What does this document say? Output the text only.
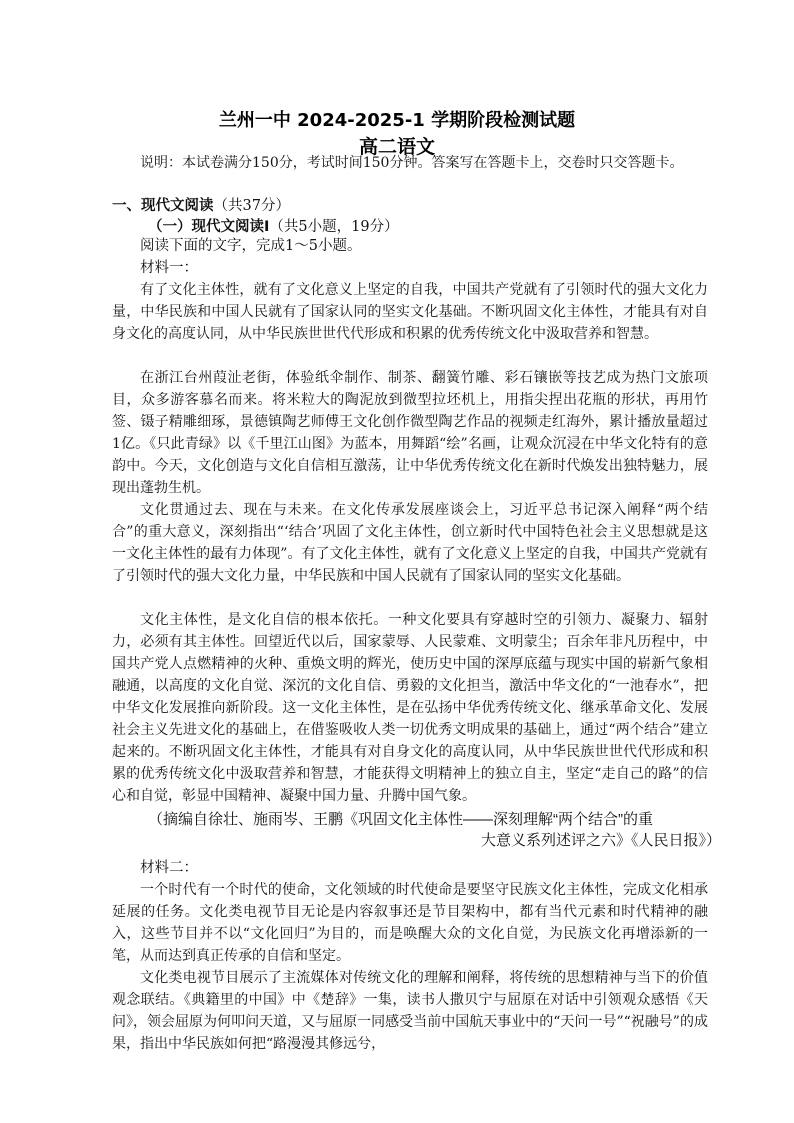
兰州一中 2024-2025-1 学期阶段检测试题
高二语文
说明：本试卷满分150分，考试时间150分钟。答案写在答题卡上，交卷时只交答题卡。
一、现代文阅读（共37分）
（一）现代文阅读Ⅰ（共5小题，19分）
阅读下面的文字，完成1～5小题。
材料一：
有了文化主体性，就有了文化意义上坚定的自我，中国共产党就有了引领时代的强大文化力量，中华民族和中国人民就有了国家认同的坚实文化基础。不断巩固文化主体性，才能具有对自身文化的高度认同，从中华民族世世代代形成和积累的优秀传统文化中汲取营养和智慧。
在浙江台州葭沚老街，体验纸伞制作、制茶、翻簧竹雕、彩石镶嵌等技艺成为热门文旅项目，众多游客慕名而来。将米粒大的陶泥放到微型拉坯机上，用指尖捏出花瓶的形状，再用竹签、镊子精雕细琢，景德镇陶艺师傅王文化创作微型陶艺作品的视频走红海外，累计播放量超过1亿。《只此青绿》以《千里江山图》为蓝本，用舞蹈“绘”名画，让观众沉浸在中华文化特有的意韵中。今天，文化创造与文化自信相互激荡，让中华优秀传统文化在新时代焕发出独特魅力，展现出蓬勃生机。
文化贯通过去、现在与未来。在文化传承发展座谈会上，习近平总书记深入阐释“两个结合”的重大意义，深刻指出“‘结合’巩固了文化主体性，创立新时代中国特色社会主义思想就是这一文化主体性的最有力体现”。有了文化主体性，就有了文化意义上坚定的自我，中国共产党就有了引领时代的强大文化力量，中华民族和中国人民就有了国家认同的坚实文化基础。
文化主体性，是文化自信的根本依托。一种文化要具有穿越时空的引领力、凝聚力、辐射力，必须有其主体性。回望近代以后，国家蒙辱、人民蒙难、文明蒙尘；百余年非凡历程中，中国共产党人点燃精神的火种、重焕文明的辉光，使历史中国的深厚底蕴与现实中国的崭新气象相融通，以高度的文化自觉、深沉的文化自信、勇毅的文化担当，激活中华文化的“一池春水”，把中华文化发展推向新阶段。这一文化主体性，是在弘扬中华优秀传统文化、继承革命文化、发展社会主义先进文化的基础上，在借鉴吸收人类一切优秀文明成果的基础上，通过“两个结合”建立起来的。不断巩固文化主体性，才能具有对自身文化的高度认同，从中华民族世世代代形成和积累的优秀传统文化中汲取营养和智慧，才能获得文明精神上的独立自主，坚定“走自己的路”的信心和自觉，彰显中国精神、凝聚中国力量、升腾中国气象。
（摘编自徐壮、施雨岑、王鹏《巩固文化主体性——深刻理解“两个结合”的重
大意义系列述评之六》《人民日报》）
材料二：
一个时代有一个时代的使命，文化领域的时代使命是要坚守民族文化主体性，完成文化相承延展的任务。文化类电视节目无论是内容叙事还是节目架构中，都有当代元素和时代精神的融入，这些节目并不以“文化回归”为目的，而是唤醒大众的文化自觉，为民族文化再增添新的一笔，从而达到真正传承的自信和坚定。
文化类电视节目展示了主流媒体对传统文化的理解和阐释，将传统的思想精神与当下的价值观念联结。《典籍里的中国》中《楚辞》一集，读书人撒贝宁与屈原在对话中引领观众感悟《天问》，领会屈原为何叩问天道，又与屈原一同感受当前中国航天事业中的“天问一号”“祝融号”的成果，指出中华民族如何把“路漫漫其修远兮，
